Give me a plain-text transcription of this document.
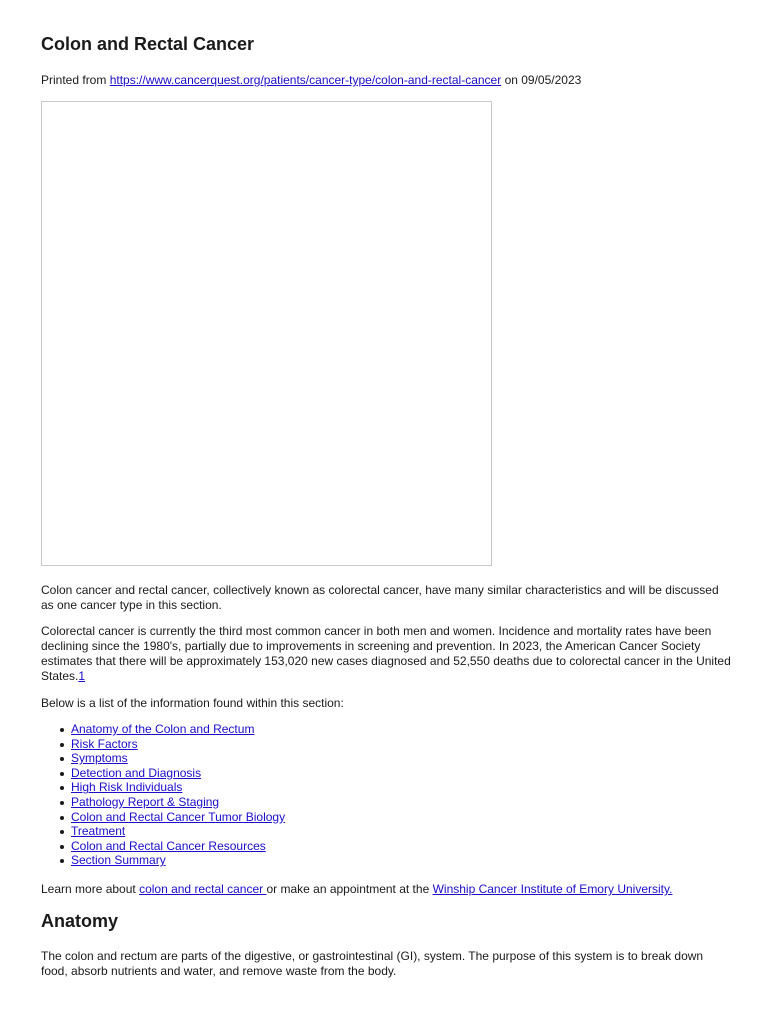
Colon and Rectal Cancer

Printed from https://www.cancerquest.org/patients/cancer-type/colon-and-rectal-cancer on 09/05/2023

Colon cancer and rectal cancer, collectively known as colorectal cancer, have many similar characteristics and will be discussed as one cancer type in this section.

Colorectal cancer is currently the third most common cancer in both men and women. Incidence and mortality rates have been declining since the 1980's, partially due to improvements in screening and prevention. In 2023, the American Cancer Society estimates that there will be approximately 153,020 new cases diagnosed and 52,550 deaths due to colorectal cancer in the United States.1

Below is a list of the information found within this section:

Anatomy of the Colon and Rectum
Risk Factors
Symptoms
Detection and Diagnosis
High Risk Individuals
Pathology Report & Staging
Colon and Rectal Cancer Tumor Biology
Treatment
Colon and Rectal Cancer Resources
Section Summary

Learn more about colon and rectal cancer or make an appointment at the Winship Cancer Institute of Emory University.

Anatomy

The colon and rectum are parts of the digestive, or gastrointestinal (GI), system. The purpose of this system is to break down food, absorb nutrients and water, and remove waste from the body.
